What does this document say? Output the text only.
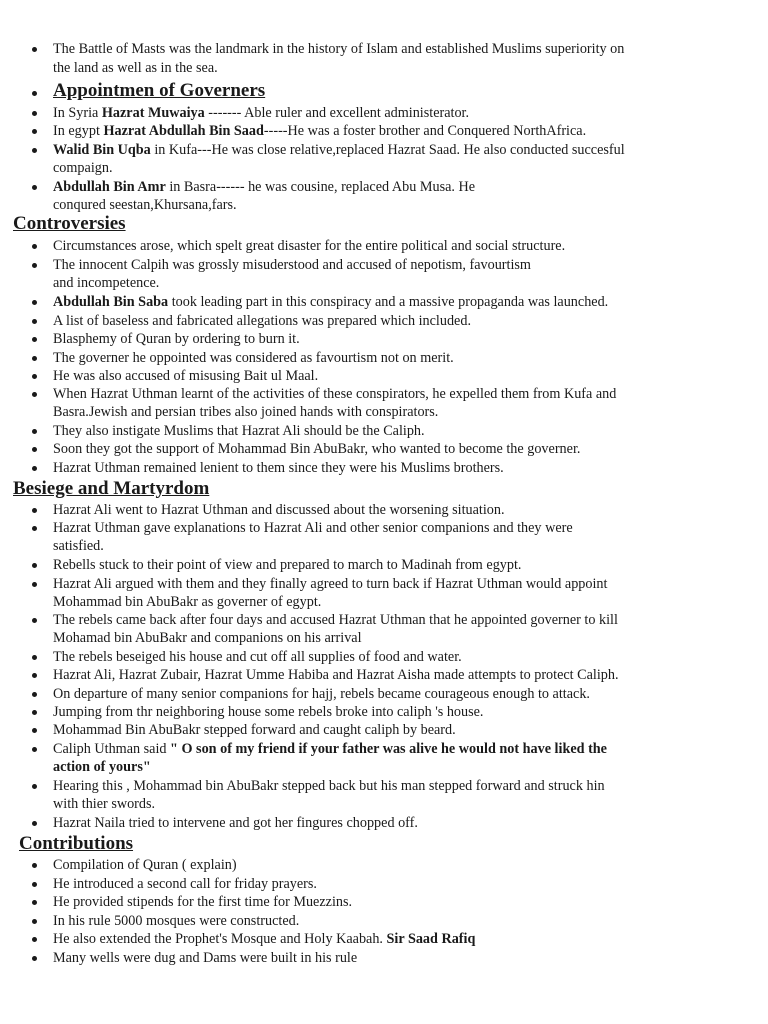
The Battle of Masts was the landmark in the history of Islam and established Muslims superiority on
the land as well as in the sea.
Appointmen of Governers
In Syria Hazrat Muwaiya ------- Able ruler and excellent administerator.
In egypt Hazrat Abdullah Bin Saad-----He was a foster brother and Conquered NorthAfrica.
Walid Bin Uqba in Kufa---He was close relative,replaced Hazrat Saad. He also conducted succesful
compaign.
Abdullah Bin Amr in Basra------ he was cousine, replaced Abu Musa. He
conqured seestan,Khursana,fars.
Controversies
Circumstances arose, which spelt great disaster for the entire political and social structure.
The innocent Calpih was grossly misuderstood and accused of nepotism, favourtism
and incompetence.
Abdullah Bin Saba took leading part in this conspiracy and a massive propaganda was launched.
A list of baseless and fabricated allegations was prepared which included.
Blasphemy of Quran by ordering to burn it.
The governer he oppointed was considered as favourtism not on merit.
He was also accused of misusing Bait ul Maal.
When Hazrat Uthman learnt of the activities of these conspirators, he expelled them from Kufa and
Basra.Jewish and persian tribes also joined hands with conspirators.
They also instigate Muslims that Hazrat Ali should be the Caliph.
Soon they got the support of Mohammad Bin AbuBakr, who wanted to become the governer.
Hazrat Uthman remained lenient to them since they were his Muslims brothers.
Besiege and Martyrdom
Hazrat Ali went to Hazrat Uthman and discussed about the worsening situation.
Hazrat Uthman gave explanations to Hazrat Ali and other senior companions and they were
satisfied.
Rebells stuck to their point of view and prepared to march to Madinah from egypt.
Hazrat Ali argued with them and they finally agreed to turn back if Hazrat Uthman would appoint
Mohammad bin AbuBakr as governer of egypt.
The rebels came back after four days and accused Hazrat Uthman that he appointed governer to kill
Mohamad bin AbuBakr and companions on his arrival
The rebels beseiged his house and cut off all supplies of food and water.
Hazrat Ali, Hazrat Zubair, Hazrat Umme Habiba and Hazrat Aisha made attempts to protect Caliph.
On departure of many senior companions for hajj, rebels became courageous enough to attack.
Jumping from thr neighboring house some rebels broke into caliph 's house.
Mohammad Bin AbuBakr stepped forward and caught caliph by beard.
Caliph Uthman said " O son of my friend if your father was alive he would not have liked the
action of yours"
Hearing this , Mohammad bin AbuBakr stepped back but his man stepped forward and struck hin
with thier swords.
Hazrat Naila tried to intervene and got her fingures chopped off.
Contributions
Compilation of Quran ( explain)
He introduced a second call for friday prayers.
He provided stipends for the first time for Muezzins.
In his rule 5000 mosques were constructed.
He also extended the Prophet's Mosque and Holy Kaabah. Sir Saad Rafiq
Many wells were dug and Dams were built in his rule
